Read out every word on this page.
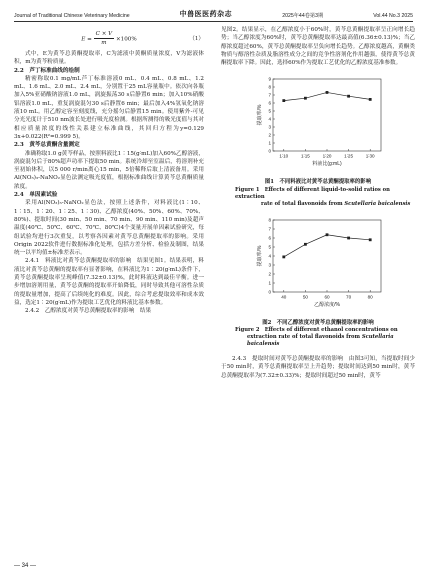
Journal of Traditional Chinese Veterinary Medicine	中兽医医药杂志	2025年44卷第3期	Vol.44 No.3 2025
$E = \frac{C \times V}{m} \times 100\%$	（1）

式中，E为黄芩总黄酮提取率，C为滤液中黄酮质量浓度，V为滤液体积，m为黄芩粉质量。

2.2　芦丁标准曲线的绘制

精密称取0.1 mg/mL芦丁标准溶液0 mL、0.4 mL、0.8 mL、1.2 mL、1.6 mL、2.0 mL、2.4 mL，分别置于25 mL容量瓶中。依次向各瓶加入5%亚硝酸钠溶液1.0 mL，涡旋振荡30 s后静置6 min；加入10%硝酸铝溶液1.0 mL，重复涡旋混匀30 s后静置6 min；最后加入4%氢氧化钠溶液10 mL。用乙醇定容至刻度线，充分摇匀后静置15 min。使用紫外-可见分光光度计于510 nm波长处进行吸光度检测。根据所测得的吸光度值与其对相应质量浓度的线性关系建立标准曲线，其回归方程为y=0.129 3x+0.022(R²=0.999 5)。

2.3　黄芩总黄酮含量测定

准确称取1.0 g黄芩样品，按照料液比1∶15(g∶mL)加入60%乙醇溶液，涡旋混匀后于80%超声功率下提取50 min。系统冷却至室温后，将溶剂补充至初始体积，以5 000 r/min离心15 min，5倍稀释后取上清液备用。采用Al(NO₃)₃-NaNO₂显色法测定吸光度值，根据标准曲线计算黄芩总黄酮质量浓度。

2.4　单因素试验

采用Al(NO₃)₃-NaNO₂显色法，按照上述条件，对料液比(1∶10、1∶15、1∶20、1∶25、1∶30)、乙醇浓度(40%、50%、60%、70%、80%)、提取时间(30 min、50 min、70 min、90 min、110 min)及超声温度(40℃、50℃、60℃、70℃、80℃)4个变量开展单因素试验研究，每组试验均进行3次重复，以考察各因素对黄芩总黄酮提取率的影响。采用Origin 2022软件进行数据标准化处理，包括方差分析、检验及制图，结果统一以平均值±标准差表示。

2.4.1　料液比对黄芩总黄酮提取率的影响　结果见图1。结果表明，料液比对黄芩总黄酮的提取率有显著影响，在料液比为1∶20(g∶mL)条件下，黄芩总黄酮提取率呈现峰值(7.32±0.13)%，此时料液达到最佳平衡。进一步增加溶剂用量，黄芩总黄酮的提取率开始降低，同时导致其他可溶性杂质的提取量增加，提高了后续纯化的难度。因此，综合考虑提取效率和成本效益，选定1∶20(g∶mL)作为提取工艺优化的料液比基本参数。

2.4.2　乙醇浓度对黄芩总黄酮提取率的影响　结果

见图2。结果显示，在乙醇浓度小于60%时，黄芩总黄酮提取率呈正向增长趋势；当乙醇浓度为60%时，黄芩总黄酮提取率达最高值(6.36±0.13)%；当乙醇浓度超过60%，黄芩总黄酮提取率呈负向增长趋势。乙醇浓度越高，黄酮类物质与醇溶性杂质及脂溶性成分之间的竞争性溶剂化作用越强，使得黄芩总黄酮提取率下降。因此，选择60%作为提取工艺优化的乙醇浓度基准参数。

0
1
2
3
4
5
6
7
8
9
1∶10	1∶15	1∶20	1∶25	1∶30
料液比(g∶mL)
提取率/%
图1　不同料液比对黄芩总黄酮提取率的影响
Figure 1　Effects of different liquid-to-solid ratios on extraction
rate of total flavonoids from Scutellaria baicalensis
0
1
2
3
4
5
6
7
8
40	50	60	70	80
乙醇浓度/%
提取率/%
图2　不同乙醇浓度对黄芩总黄酮提取率的影响
Figure 2　Effects of different ethanol concentrations on
extraction rate of total flavonoids from Scutellaria baicalensis

2.4.3　提取时间对黄芩总黄酮提取率的影响　由图3可知，当提取时间少于50 min时，黄芩总黄酮提取率呈上升趋势；提取时间达到50 min时，黄芩总黄酮提取率为(7.32±0.33)%；提取时间超过50 min时，黄芩

— 34 —
